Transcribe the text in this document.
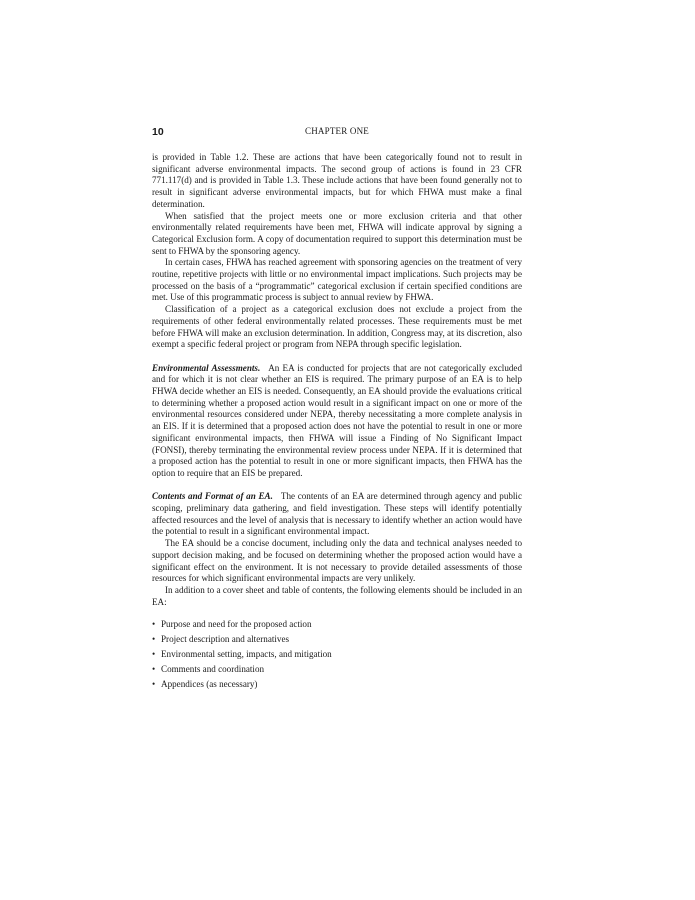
10	CHAPTER ONE

is provided in Table 1.2. These are actions that have been categorically found not to result in significant adverse environmental impacts. The second group of actions is found in 23 CFR 771.117(d) and is provided in Table 1.3. These include actions that have been found generally not to result in significant adverse environmental impacts, but for which FHWA must make a final determination.

When satisfied that the project meets one or more exclusion criteria and that other environmentally related requirements have been met, FHWA will indicate approval by signing a Categorical Exclusion form. A copy of documentation required to support this determination must be sent to FHWA by the sponsoring agency.

In certain cases, FHWA has reached agreement with sponsoring agencies on the treatment of very routine, repetitive projects with little or no environmental impact implications. Such projects may be processed on the basis of a “programmatic” categorical exclusion if certain specified conditions are met. Use of this programmatic process is subject to annual review by FHWA.

Classification of a project as a categorical exclusion does not exclude a project from the requirements of other federal environmentally related processes. These requirements must be met before FHWA will make an exclusion determination. In addition, Congress may, at its discretion, also exempt a specific federal project or program from NEPA through specific legislation.

Environmental Assessments. An EA is conducted for projects that are not categorically excluded and for which it is not clear whether an EIS is required. The primary purpose of an EA is to help FHWA decide whether an EIS is needed. Consequently, an EA should provide the evaluations critical to determining whether a proposed action would result in a significant impact on one or more of the environmental resources considered under NEPA, thereby necessitating a more complete analysis in an EIS. If it is determined that a proposed action does not have the potential to result in one or more significant environmental impacts, then FHWA will issue a Finding of No Significant Impact (FONSI), thereby terminating the environmental review process under NEPA. If it is determined that a proposed action has the potential to result in one or more significant impacts, then FHWA has the option to require that an EIS be prepared.

Contents and Format of an EA. The contents of an EA are determined through agency and public scoping, preliminary data gathering, and field investigation. These steps will identify potentially affected resources and the level of analysis that is necessary to identify whether an action would have the potential to result in a significant environmental impact.

The EA should be a concise document, including only the data and technical analyses needed to support decision making, and be focused on determining whether the proposed action would have a significant effect on the environment. It is not necessary to provide detailed assessments of those resources for which significant environmental impacts are very unlikely.

In addition to a cover sheet and table of contents, the following elements should be included in an EA:

• Purpose and need for the proposed action
• Project description and alternatives
• Environmental setting, impacts, and mitigation
• Comments and coordination
• Appendices (as necessary)
